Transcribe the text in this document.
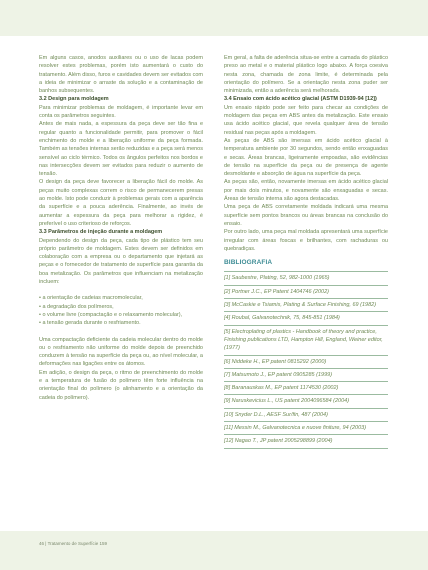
Em alguns casos, anodos auxiliares ou o uso de lacas podem resolver estes problemas, porém isto aumentará o custo do tratamento. Além disso, furos e cavidades devem ser evitados com a ideia de minimizar o arraste da solução e a contaminação de banhos subsequentes.

3.2 Design para moldagem

Para minimizar problemas de moldagem, é importante levar em conta os parâmetros seguintes.

Antes de mais nada, a espessura da peça deve ser tão fina e regular quanto a funcionalidade permitir, para promover o fácil enchimento do molde e a liberação uniforme da peça formada. Também as tensões internas serão reduzidas e a peça será menos sensível ao ciclo térmico. Todos os ângulos perfeitos nos bordos e nas intersecções devem ser evitados para reduzir o aumento de tensão.

O design da peça deve favorecer a liberação fácil do molde. As peças muito complexas correm o risco de permanecerem presas ao molde. Isto pode conduzir à problemas gerais com a aparência da superfície e a pouca aderência. Finalmente, ao invés de aumentar a espessura da peça para melhorar a rigidez, é preferível o uso criterioso de reforços.

3.3 Parâmetros de injeção durante a moldagem

Dependendo do design da peça, cada tipo de plástico tem seu próprio parâmetro de moldagem. Estes devem ser definidos em colaboração com a empresa ou o departamento que injetará as peças e o fornecedor de tratamento de superfície para garantia da boa metalização. Os parâmetros que influenciam na metalização incluem:

• a orientação de cadeias macromolecular,
• a degradação dos polímeros,
• o volume livre (compactação e o relaxamento molecular),
• a tensão gerada durante o resfriamento.

Uma compactação deficiente da cadeia molecular dentro do molde ou o resfriamento não uniforme do molde depois de preenchido conduzem à tensão na superfície da peça ou, ao nível molecular, a deformações nas ligações entre os átomos.

Em adição, o design da peça, o ritmo de preenchimento do molde e a temperatura de fusão do polímero têm forte influência na orientação final do polímero (o alinhamento e a orientação da cadeia do polímero).

Em geral, a falta de aderência situa-se entre a camada do plástico preso ao metal e o material plástico logo abaixo. A força coesiva nesta zona, chamada de zona limite, é determinada pela orientação do polímero. Se a orientação nesta zona puder ser minimizada, então a aderência será melhorada.

3.4 Ensaio com ácido acético glacial (ASTM D1939-94 [12])

Um ensaio rápido pode ser feito para checar as condições de moldagem das peças em ABS antes da metalização. Este ensaio usa ácido acético glacial, que revela qualquer área de tensão residual nas peças após a moldagem.

As peças de ABS são imersas em ácido acético glacial à temperatura ambiente por 30 segundos, sendo então enxaguadas e secas. Áreas brancas, ligeiramente empoadas, são evidências de tensão na superfície da peça ou de presença de agente desmoldante e absorção de água na superfície da peça.

As peças são, então, novamente imersas em ácido acético glacial por mais dois minutos, e novamente são enxaguadas e secas. Áreas de tensão interna são agora destacadas.

Uma peça de ABS corretamente moldada indicará uma mesma superfície sem pontos brancos ou áreas brancas na conclusão do ensaio.

Por outro lado, uma peça mal moldada apresentará uma superfície irregular com áreas foscas e brilhantes, com rachaduras ou quebradiças.

BIBLIOGRAFIA
[1] Saubestre, Plating, 52, 982-1000 (1965)
[2] Portner J.C., EP Patent 1404746 (2002)
[3] McCaskie e Tsiamis, Plating & Surface Finishing, 69 (1982)
[4] Roubal, Galvanotechnik, 75, 845-851 (1984)
[5] Electroplating of plastics - Handbook of theory and practice, Finishing publications LTD, Hampton Hill, England, Weiner editor, (1977)
[6] Niddeke H., EP patent 0815292 (2000)
[7] Matsumoto J., EP patent 0905285 (1999)
[8] Baranauskas M., EP patent 1174530 (2002)
[9] Naruskevicius L., US patent 2004096584 (2004)
[10] Snyder D.L., AESF Sur/fin, 487 (2004)
[11] Messin M., Galvanotecnica e nuove finiture, 94 (2003)
[12] Nagao T., JP patent 2005298899 (2004)
46 | Tratamento de Superfície 159
